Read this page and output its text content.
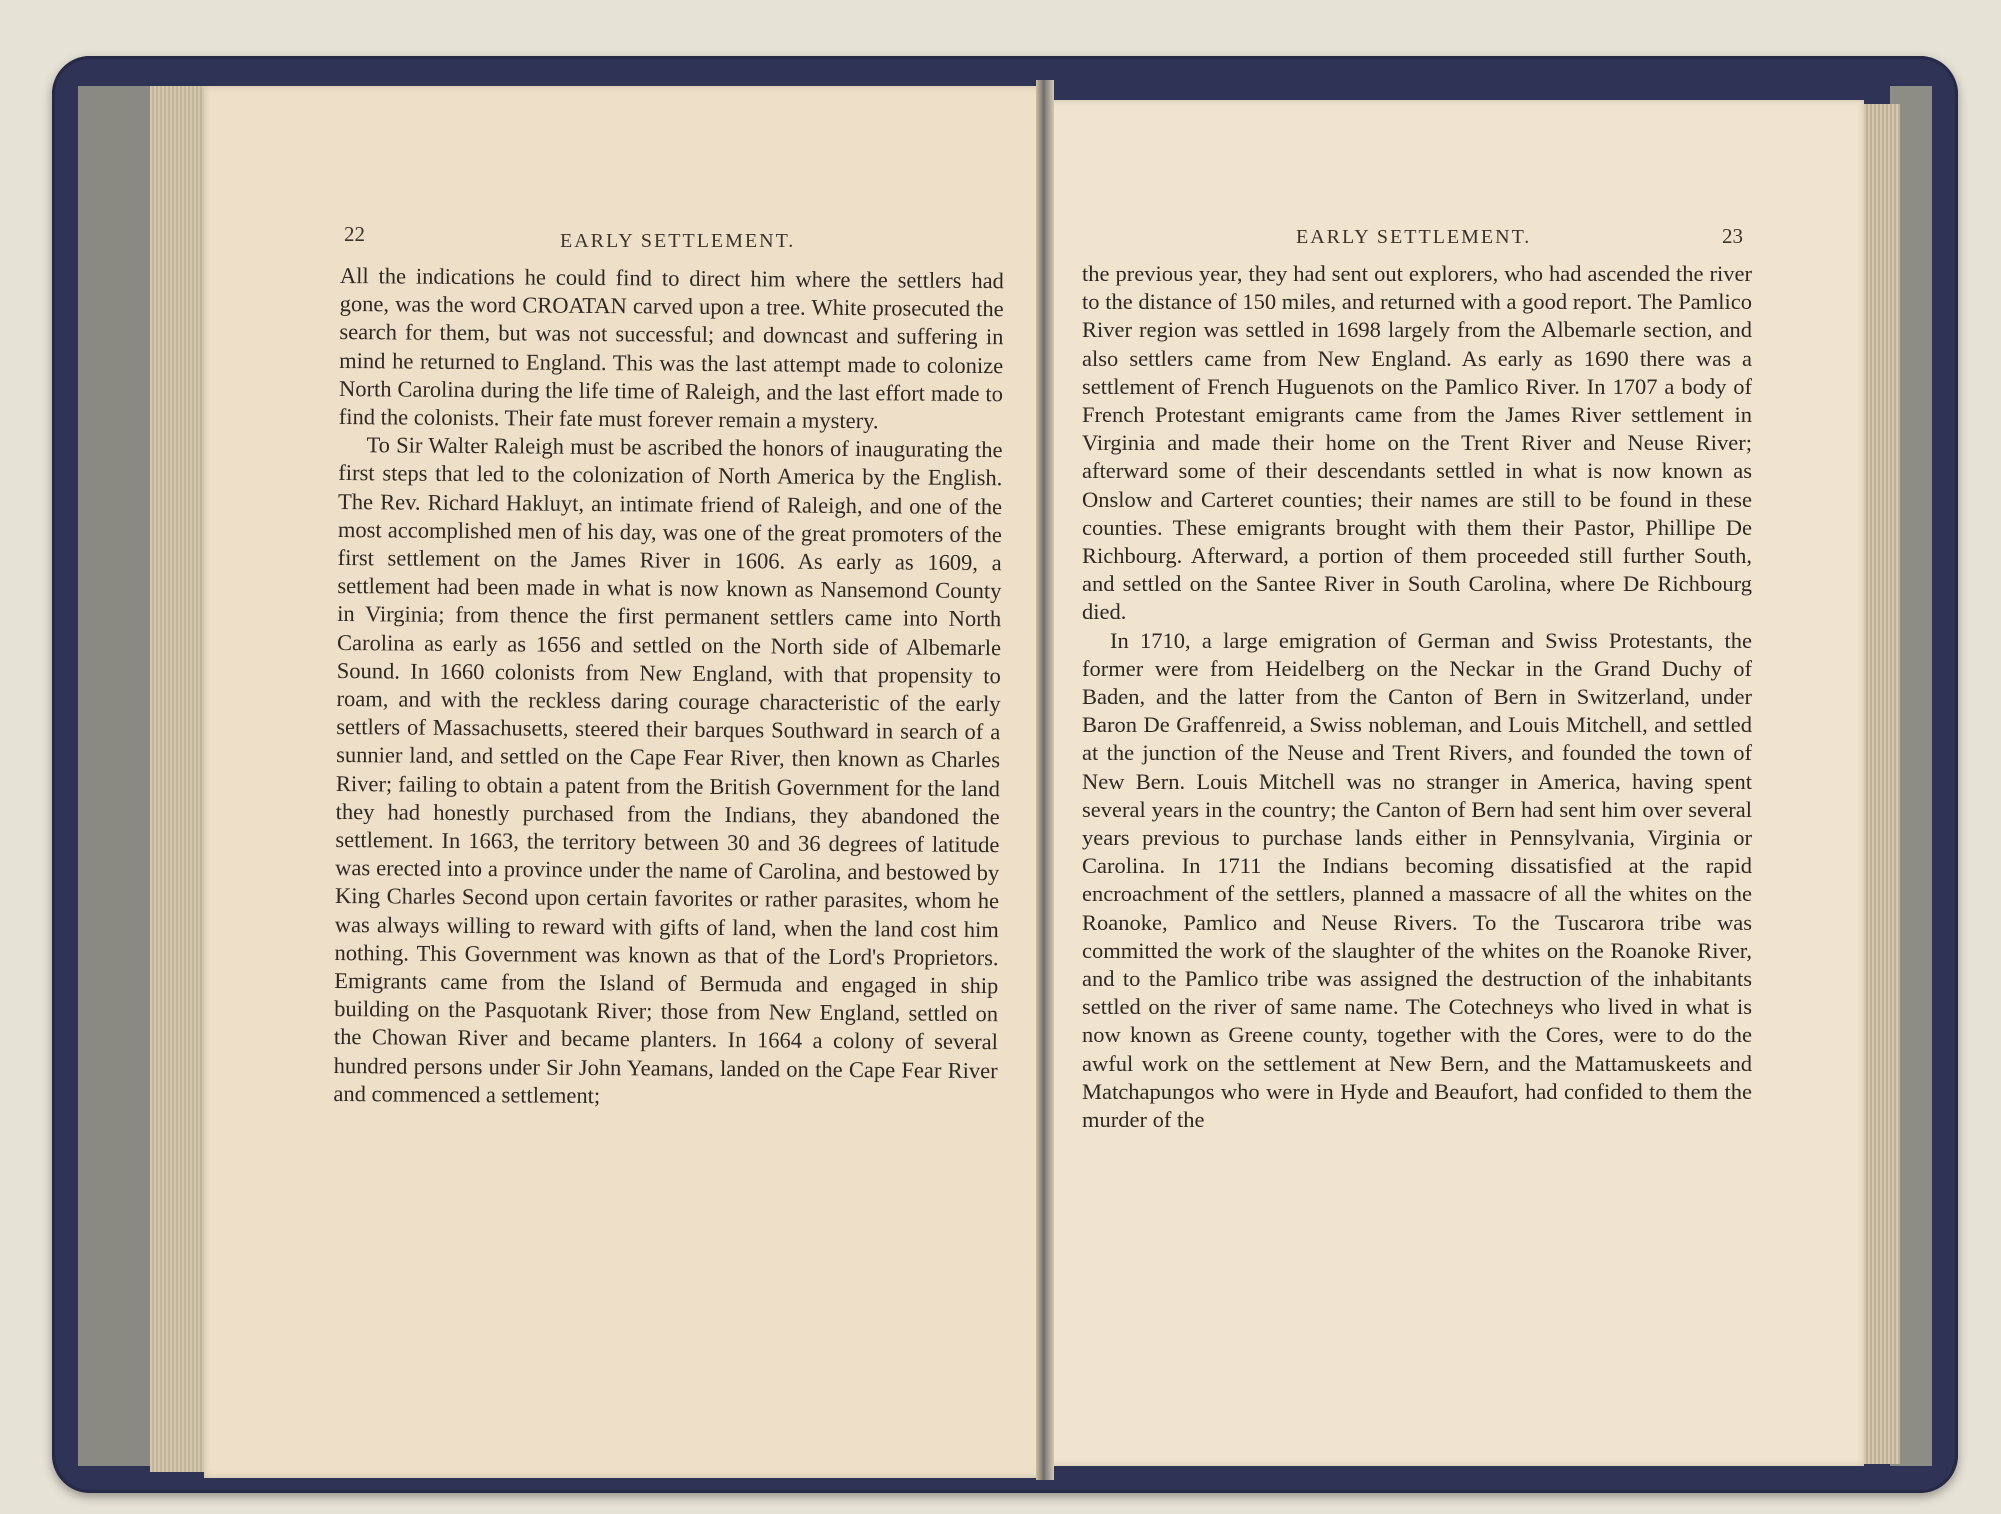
22	EARLY SETTLEMENT.

All the indications he could find to direct him where the settlers had gone, was the word CROATAN carved upon a tree. White prosecuted the search for them, but was not successful; and downcast and suffering in mind he returned to England. This was the last attempt made to colonize North Carolina during the life time of Raleigh, and the last effort made to find the colonists. Their fate must forever remain a mystery.

To Sir Walter Raleigh must be ascribed the honors of inaugurating the first steps that led to the colonization of North America by the English. The Rev. Richard Hakluyt, an intimate friend of Raleigh, and one of the most accomplished men of his day, was one of the great promoters of the first settlement on the James River in 1606. As early as 1609, a settlement had been made in what is now known as Nansemond County in Virginia; from thence the first permanent settlers came into North Carolina as early as 1656 and settled on the North side of Albemarle Sound. In 1660 colonists from New England, with that propensity to roam, and with the reckless daring courage characteristic of the early settlers of Massachusetts, steered their barques Southward in search of a sunnier land, and settled on the Cape Fear River, then known as Charles River; failing to obtain a patent from the British Government for the land they had honestly purchased from the Indians, they abandoned the settlement. In 1663, the territory between 30 and 36 degrees of latitude was erected into a province under the name of Carolina, and bestowed by King Charles Second upon certain favorites or rather parasites, whom he was always willing to reward with gifts of land, when the land cost him nothing. This Government was known as that of the Lord's Proprietors. Emigrants came from the Island of Bermuda and engaged in ship building on the Pasquotank River; those from New England, settled on the Chowan River and became planters. In 1664 a colony of several hundred persons under Sir John Yeamans, landed on the Cape Fear River and commenced a settlement;

EARLY SETTLEMENT.	23

the previous year, they had sent out explorers, who had ascended the river to the distance of 150 miles, and returned with a good report. The Pamlico River region was settled in 1698 largely from the Albemarle section, and also settlers came from New England. As early as 1690 there was a settlement of French Huguenots on the Pamlico River. In 1707 a body of French Protestant emigrants came from the James River settlement in Virginia and made their home on the Trent River and Neuse River; afterward some of their descendants settled in what is now known as Onslow and Carteret counties; their names are still to be found in these counties. These emigrants brought with them their Pastor, Phillipe De Richbourg. Afterward, a portion of them proceeded still further South, and settled on the Santee River in South Carolina, where De Richbourg died.

In 1710, a large emigration of German and Swiss Protestants, the former were from Heidelberg on the Neckar in the Grand Duchy of Baden, and the latter from the Canton of Bern in Switzerland, under Baron De Graffenreid, a Swiss nobleman, and Louis Mitchell, and settled at the junction of the Neuse and Trent Rivers, and founded the town of New Bern. Louis Mitchell was no stranger in America, having spent several years in the country; the Canton of Bern had sent him over several years previous to purchase lands either in Pennsylvania, Virginia or Carolina. In 1711 the Indians becoming dissatisfied at the rapid encroachment of the settlers, planned a massacre of all the whites on the Roanoke, Pamlico and Neuse Rivers. To the Tuscarora tribe was committed the work of the slaughter of the whites on the Roanoke River, and to the Pamlico tribe was assigned the destruction of the inhabitants settled on the river of same name. The Cotechneys who lived in what is now known as Greene county, together with the Cores, were to do the awful work on the settlement at New Bern, and the Mattamuskeets and Matchapungos who were in Hyde and Beaufort, had confided to them the murder of the
